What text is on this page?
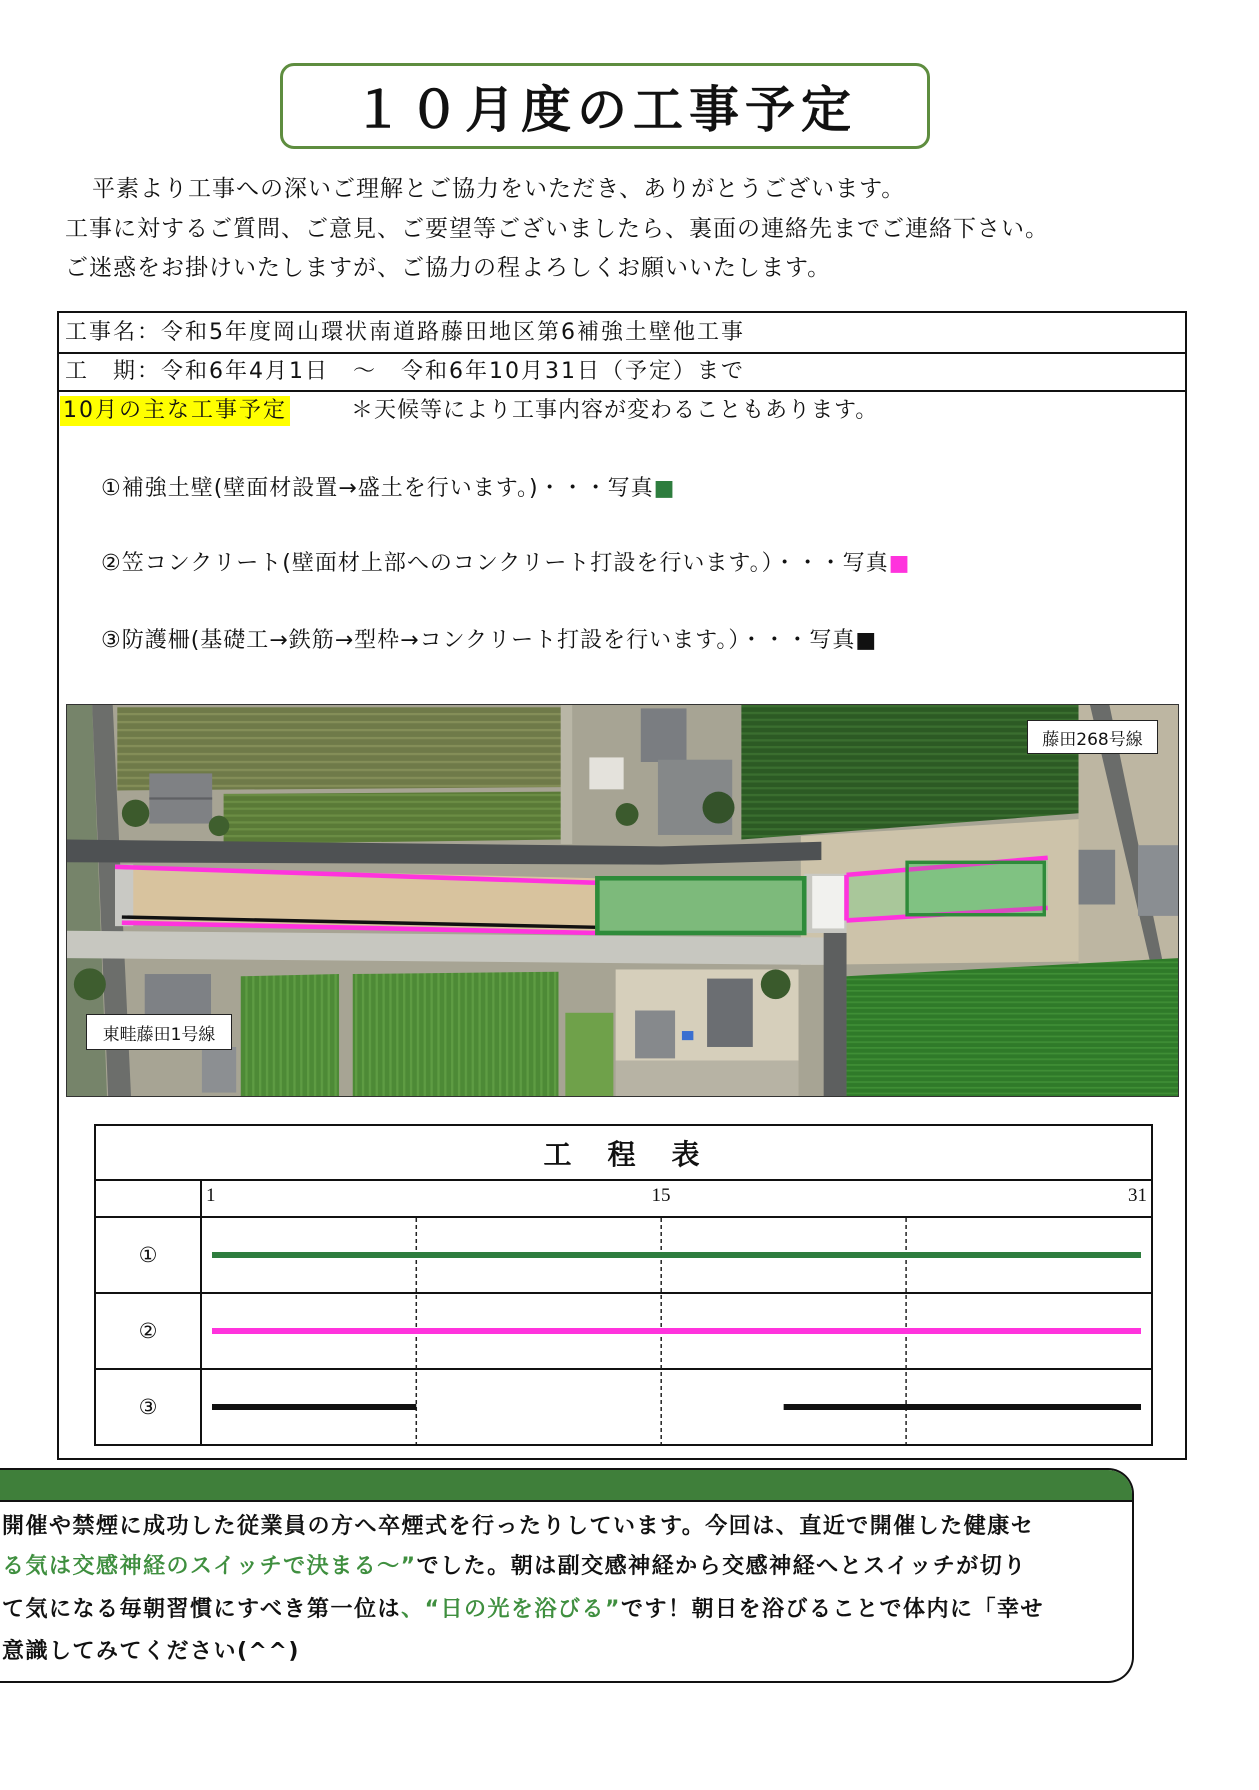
１０月度の工事予定

平素より工事への深いご理解とご協力をいただき、ありがとうございます。

工事に対するご質問、ご意見、ご要望等ございましたら、裏面の連絡先までご連絡下さい。

ご迷惑をお掛けいたしますが、ご協力の程よろしくお願いいたします。

工事名：令和5年度岡山環状南道路藤田地区第6補強土壁他工事
工　期：令和6年4月1日　～　令和6年10月31日（予定）まで
10月の主な工事予定	＊天候等により工事内容が変わることもあります。
①補強土壁(壁面材設置→盛土を行います。)・・・写真■
②笠コンクリート(壁面材上部へのコンクリート打設を行います。）・・・写真■
③防護柵(基礎工→鉄筋→型枠→コンクリート打設を行います。）・・・写真■
藤田268号線
東畦藤田1号線
工　程　表
1	15	31
①
②
③
開催や禁煙に成功した従業員の方へ卒煙式を行ったりしています。今回は、直近で開催した健康セ
る気は交感神経のスイッチで決まる～”でした。朝は副交感神経から交感神経へとスイッチが切り
て気になる毎朝習慣にすべき第一位は、“日の光を浴びる”です！朝日を浴びることで体内に「幸せ
意識してみてください(^^)
